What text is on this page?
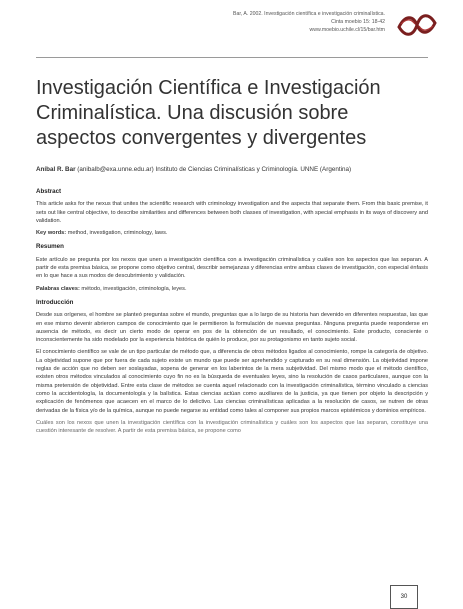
Bar, A. 2002. Investigación científica e investigación criminalística.
Cinta moebio 15: 18-42
www.moebio.uchile.cl/15/bar.htm
Investigación Científica e Investigación Criminalística. Una discusión sobre aspectos convergentes y divergentes
Aníbal R. Bar (anibalb@exa.unne.edu.ar) Instituto de Ciencias Criminalísticas y Criminología. UNNE (Argentina)
Abstract

This article asks for the nexus that unites the scientific research with criminology investigation and the aspects that separate them. From this basic premise, it sets out like central objective, to describe similarities and differences between both classes of investigation, with special emphasis in its ways of discovery and validation.

Key words: method, investigation, criminology, laws.

Resumen

Este artículo se pregunta por los nexos que unen a investigación científica con a investigación criminalística y cuáles son los aspectos que las separan. A partir de esta premisa básica, se propone como objetivo central, describir semejanzas y diferencias entre ambas clases de investigación, con especial énfasis en lo que hace a sus modos de descubrimiento y validación.

Palabras claves: método, investigación, criminología, leyes.

Introducción

Desde sus orígenes, el hombre se planteó preguntas sobre el mundo, preguntas que a lo largo de su historia han devenido en diferentes respuestas, las que en ese mismo devenir abrieron campos de conocimiento que le permitieron la formulación de nuevas preguntas. Ninguna pregunta puede responderse en ausencia de método, es decir un cierto modo de operar en pos de la obtención de un resultado, el conocimiento. Este producto, consciente o inconscientemente ha sido modelado por la experiencia histórica de quién lo produce, por su protagonismo en tanto sujeto social.

El conocimiento científico se vale de un tipo particular de método que, a diferencia de otros métodos ligados al conocimiento, rompe la categoría de objetivo. La objetividad supone que por fuera de cada sujeto existe un mundo que puede ser aprehendido y capturado en su real dimensión. La objetividad impone reglas de acción que no deben ser soslayadas, sopena de generar en los laberintos de la mera subjetividad. Del mismo modo que el método científico, existen otros métodos vinculados al conocimiento cuyo fin no es la búsqueda de eventuales leyes, sino la resolución de casos particulares, aunque con la misma pretensión de objetividad. Entre esta clase de métodos se cuenta aquel relacionado con la investigación criminalística, término vinculado a ciencias como la accidentología, la documentología y la balística. Estas ciencias actúan como auxiliares de la justicia, ya que tienen por objeto la descripción y explicación de fenómenos que acaecen en el marco de lo delictivo. Las ciencias criminalísticas aplicadas a la resolución de casos, se nutren de otras derivadas de la física y/o de la química, aunque no puede negarse su entidad como tales al componer sus propios marcos epistémicos y dominios empíricos.

Cuáles son los nexos que unen la investigación científica con la investigación criminalística y cuáles son los aspectos que las separan, constituye una cuestión interesante de resolver. A partir de esta premisa básica, se propone como

30
